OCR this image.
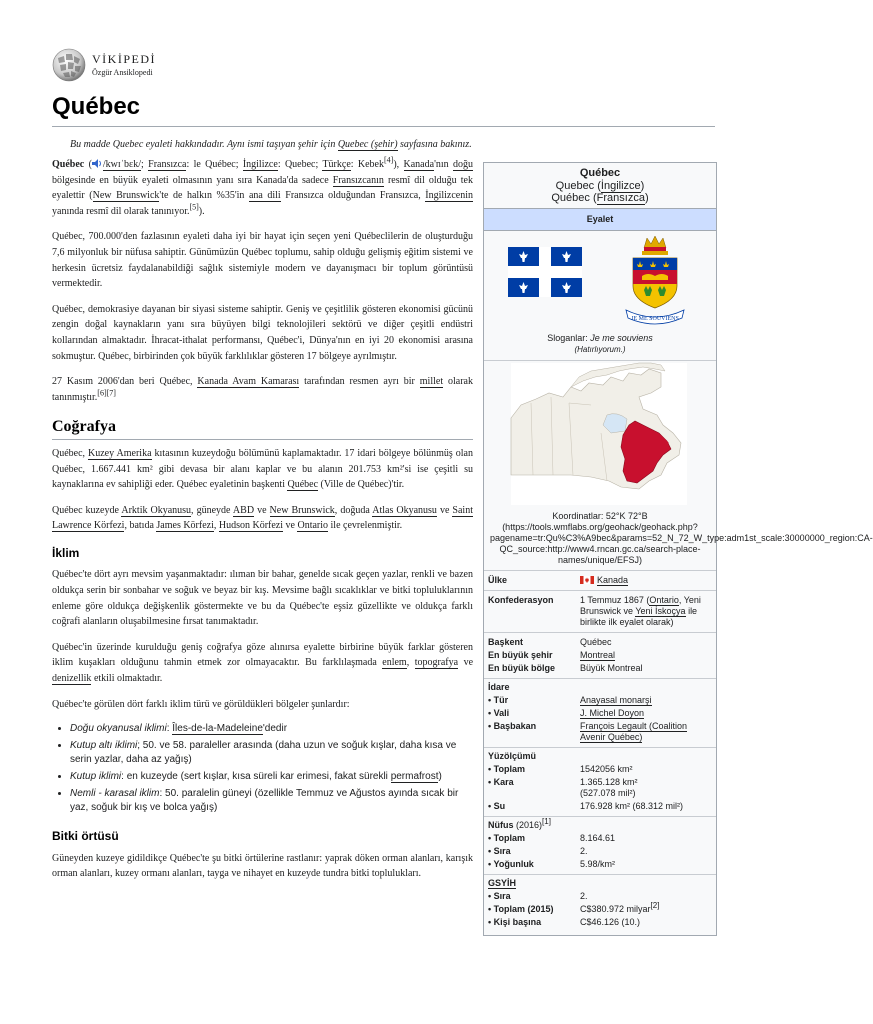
VİKİPEDİ
Özgür Ansiklopedi
Québec
Bu madde Quebec eyaleti hakkındadır. Aynı ismi taşıyan şehir için Quebec (şehir) sayfasına bakınız.

Québec ( /kwɪˈbɛk/; Fransızca: le Québec; İngilizce: Quebec; Türkçe: Kebek[4]), Kanada'nın doğu bölgesinde en büyük eyaleti olmasının yanı sıra Kanada'da sadece Fransızcanın resmî dil olduğu tek eyalettir (New Brunswick'te de halkın %35'in ana dili Fransızca olduğundan Fransızca, İngilizcenin yanında resmî dil olarak tanınıyor.[5]).

Québec, 700.000'den fazlasının eyaleti daha iyi bir hayat için seçen yeni Québeclilerin de oluşturduğu 7,6 milyonluk bir nüfusa sahiptir. Günümüzün Québec toplumu, sahip olduğu gelişmiş eğitim sistemi ve herkesin ücretsiz faydalanabildiği sağlık sistemiyle modern ve dayanışmacı bir toplum görüntüsü vermektedir.

Québec, demokrasiye dayanan bir siyasi sisteme sahiptir. Geniş ve çeşitlilik gösteren ekonomisi gücünü zengin doğal kaynakların yanı sıra büyüyen bilgi teknolojileri sektörü ve diğer çeşitli endüstri kollarından almaktadır. İhracat-ithalat performansı, Québec'i, Dünya'nın en iyi 20 ekonomisi arasına sokmuştur. Québec, birbirinden çok büyük farklılıklar gösteren 17 bölgeye ayrılmıştır.

27 Kasım 2006'dan beri Québec, Kanada Avam Kamarası tarafından resmen ayrı bir millet olarak tanınmıştır.[6][7]

Coğrafya

Québec, Kuzey Amerika kıtasının kuzeydoğu bölümünü kaplamaktadır. 17 idari bölgeye bölünmüş olan Québec, 1.667.441 km² gibi devasa bir alanı kaplar ve bu alanın 201.753 km²'si ise çeşitli su kaynaklarına ev sahipliği eder. Québec eyaletinin başkenti Québec (Ville de Québec)'tir.

Québec kuzeyde Arktik Okyanusu, güneyde ABD ve New Brunswick, doğuda Atlas Okyanusu ve Saint Lawrence Körfezi, batıda James Körfezi, Hudson Körfezi ve Ontario ile çevrelenmiştir.

İklim

Québec'te dört ayrı mevsim yaşanmaktadır: ılıman bir bahar, genelde sıcak geçen yazlar, renkli ve bazen oldukça serin bir sonbahar ve soğuk ve beyaz bir kış. Mevsime bağlı sıcaklıklar ve bitki topluluklarının enleme göre oldukça değişkenlik göstermekte ve bu da Québec'te eşsiz güzellikte ve oldukça farklı coğrafi alanların oluşabilmesine fırsat tanımaktadır.

Québec'in üzerinde kurulduğu geniş coğrafya göze alınırsa eyalette birbirine büyük farklar gösteren iklim kuşakları olduğunu tahmin etmek zor olmayacaktır. Bu farklılaşmada enlem, topografya ve denizellik etkili olmaktadır.

Québec'te görülen dört farklı iklim türü ve görüldükleri bölgeler şunlardır:

• Doğu okyanusal iklimi: Îles-de-la-Madeleine'dedir
• Kutup altı iklimi; 50. ve 58. paraleller arasında (daha uzun ve soğuk kışlar, daha kısa ve serin yazlar, daha az yağış)
• Kutup iklimi: en kuzeyde (sert kışlar, kısa süreli kar erimesi, fakat sürekli permafrost)
• Nemli - karasal iklim: 50. paralelin güneyi (özellikle Temmuz ve Ağustos ayında sıcak bir yaz, soğuk bir kış ve bolca yağış)
Bitki örtüsü

Güneyden kuzeye gidildikçe Québec'te şu bitki örtülerine rastlanır: yaprak döken orman alanları, karışık orman alanları, kuzey ormanı alanları, tayga ve nihayet en kuzeyde tundra bitki toplulukları.

Québec
Quebec (İngilizce)
Québec (Fransızca)
Eyalet
JE ME SOUVIENS
Sloganlar: Je me souviens
(Hatırlıyorum.)
Koordinatlar: 52°K 72°B (https://tools.wmflabs.org/geohack/geohack.php?pagename=tr:Qu%C3%A9bec&params=52_N_72_W_type:adm1st_scale:30000000_region:CA-QC_source:http://www4.rncan.gc.ca/search-place-names/unique/EFSJ)
Ülke	Kanada
Konfederasyon	1 Temmuz 1867 (Ontario, Yeni Brunswick ve Yeni İskoçya ile birlikte ilk eyalet olarak)
Başkent	Québec
En büyük şehir	Montreal
En büyük bölge	Büyük Montreal
İdare
• Tür	Anayasal monarşi
• Vali	J. Michel Doyon
• Başbakan	François Legault (Coalition Avenir Québec)
Yüzölçümü
• Toplam	1542056 km²
• Kara	1.365.128 km²
(527.078 mil²)
• Su	176.928 km² (68.312 mil²)
Nüfus (2016)[1]
• Toplam	8.164.61
• Sıra	2.
• Yoğunluk	5.98/km²
GSYİH
• Sıra	2.
• Toplam (2015)	C$380.972 milyar[2]
• Kişi başına	C$46.126 (10.)
